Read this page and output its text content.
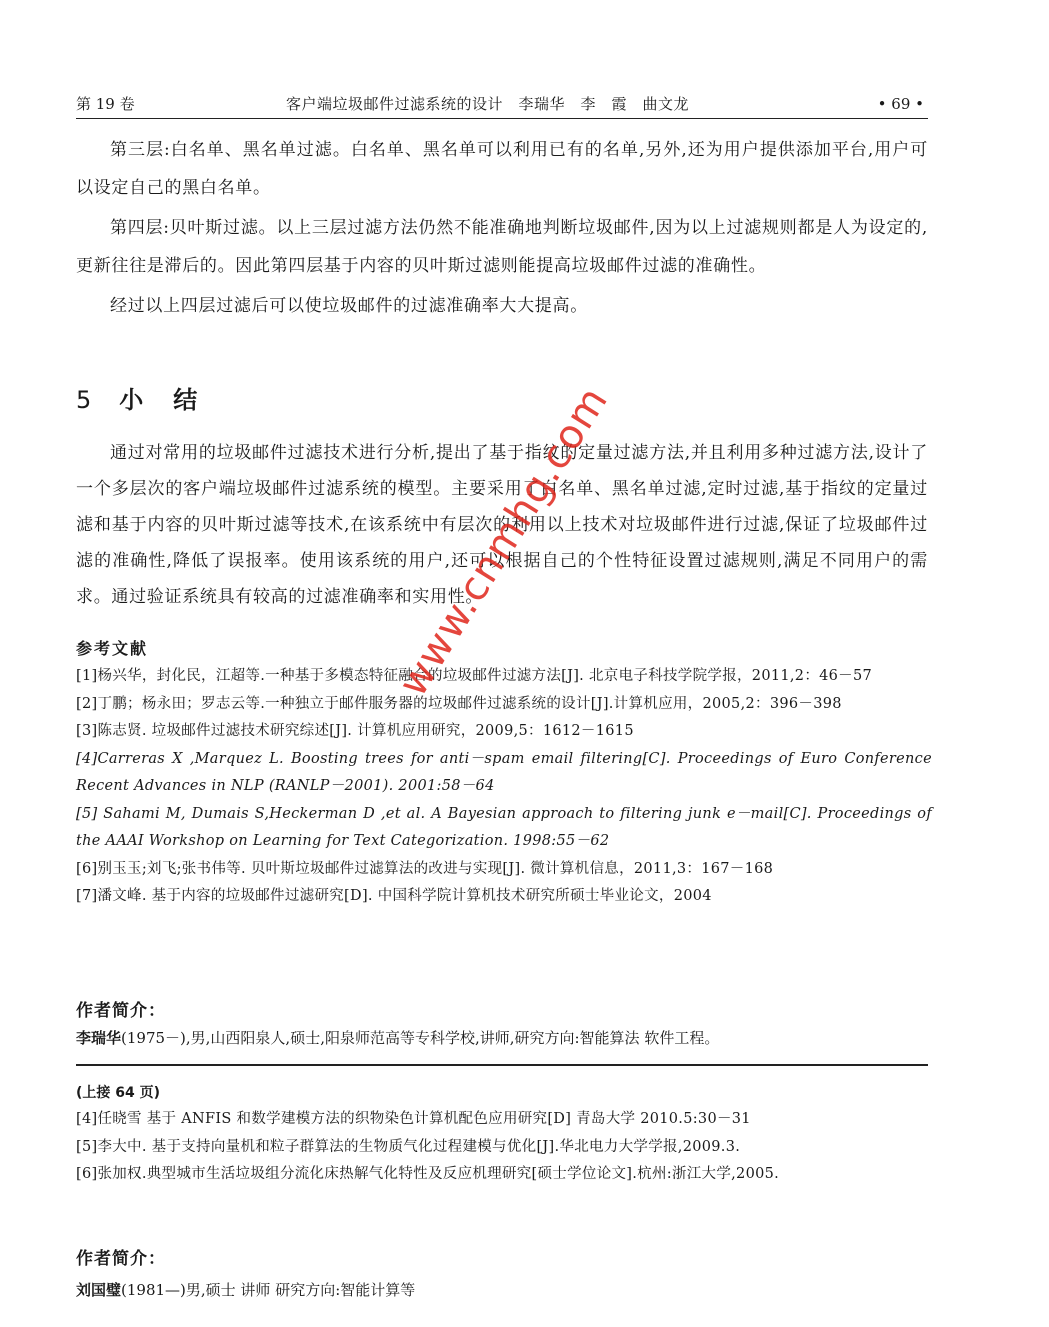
第 19 卷	客户端垃圾邮件过滤系统的设计　李瑞华　李　霞　曲文龙	• 69 •

第三层:白名单、黑名单过滤。白名单、黑名单可以利用已有的名单,另外,还为用户提供添加平台,用户可以设定自己的黑白名单。

第四层:贝叶斯过滤。以上三层过滤方法仍然不能准确地判断垃圾邮件,因为以上过滤规则都是人为设定的,更新往往是滞后的。因此第四层基于内容的贝叶斯过滤则能提高垃圾邮件过滤的准确性。

经过以上四层过滤后可以使垃圾邮件的过滤准确率大大提高。

5 小结

通过对常用的垃圾邮件过滤技术进行分析,提出了基于指纹的定量过滤方法,并且利用多种过滤方法,设计了一个多层次的客户端垃圾邮件过滤系统的模型。主要采用了白名单、黑名单过滤,定时过滤,基于指纹的定量过滤和基于内容的贝叶斯过滤等技术,在该系统中有层次的利用以上技术对垃圾邮件进行过滤,保证了垃圾邮件过滤的准确性,降低了误报率。使用该系统的用户,还可以根据自己的个性特征设置过滤规则,满足不同用户的需求。通过验证系统具有较高的过滤准确率和实用性。

参考文献
[1]杨兴华，封化民，江超等.一种基于多模态特征融合的垃圾邮件过滤方法[J]. 北京电子科技学院学报，2011,2：46－57
[2]丁鹏；杨永田；罗志云等.一种独立于邮件服务器的垃圾邮件过滤系统的设计[J].计算机应用，2005,2：396－398
[3]陈志贤. 垃圾邮件过滤技术研究综述[J]. 计算机应用研究，2009,5：1612－1615
[4]Carreras X ,Marquez L. Boosting trees for anti－spam email filtering[C]. Proceedings of Euro Conference Recent Advances in NLP (RANLP－2001). 2001:58－64
[5] Sahami M, Dumais S,Heckerman D ,et al. A Bayesian approach to filtering junk e－mail[C]. Proceedings of the AAAI Workshop on Learning for Text Categorization. 1998:55－62
[6]别玉玉;刘飞;张书伟等. 贝叶斯垃圾邮件过滤算法的改进与实现[J]. 微计算机信息，2011,3：167－168
[7]潘文峰. 基于内容的垃圾邮件过滤研究[D]. 中国科学院计算机技术研究所硕士毕业论文，2004
作者简介：
李瑞华(1975－),男,山西阳泉人,硕士,阳泉师范高等专科学校,讲师,研究方向:智能算法 软件工程。
(上接 64 页)
[4]任晓雪 基于 ANFIS 和数学建模方法的织物染色计算机配色应用研究[D] 青岛大学 2010.5:30－31
[5]李大中. 基于支持向量机和粒子群算法的生物质气化过程建模与优化[J].华北电力大学学报,2009.3.
[6]张加权.典型城市生活垃圾组分流化床热解气化特性及反应机理研究[硕士学位论文].杭州:浙江大学,2005.
作者简介：
刘国璧(1981—)男,硕士 讲师 研究方向:智能计算等
www.cnmhg.com
